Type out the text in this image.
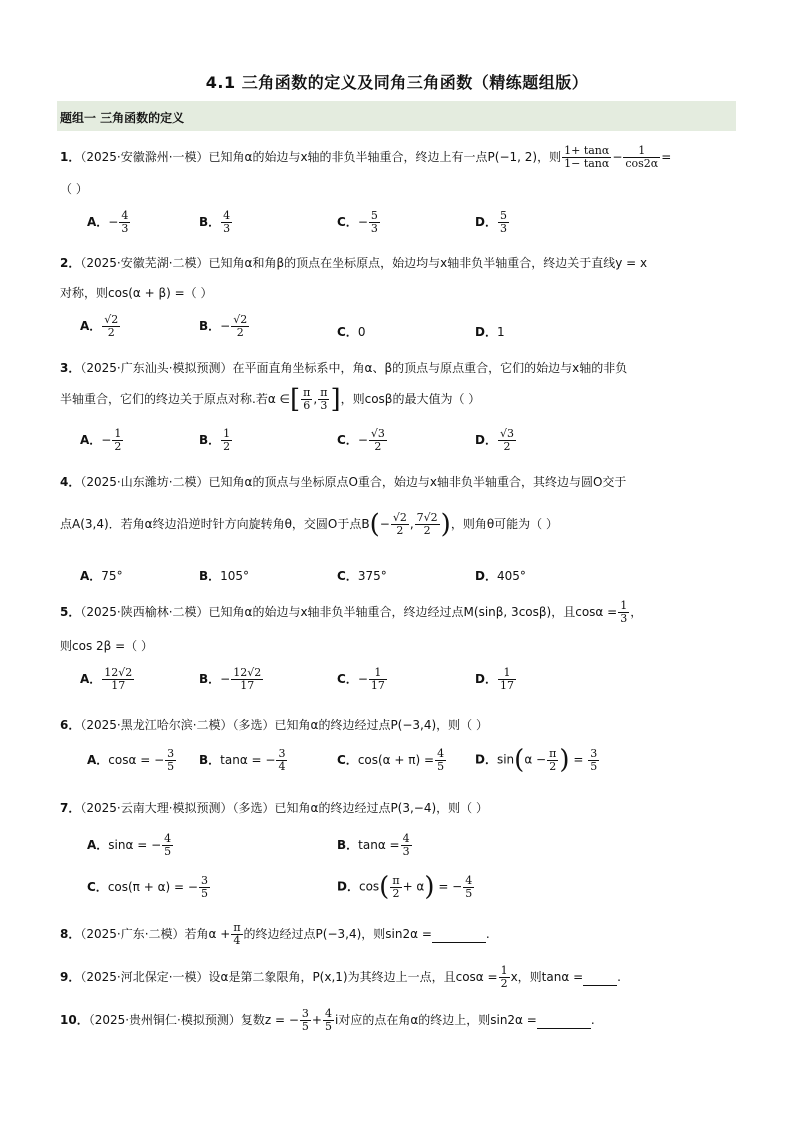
4.1 三角函数的定义及同角三角函数（精练题组版）
题组一 三角函数的定义
1．（2025·安徽滁州·一模）已知角α的始边与x轴的非负半轴重合，终边上有一点P(−1, 2)，则 $\frac{1+ \tan\alpha}{1- \tan\alpha} - \frac{1}{\cos 2\alpha}$ =
（ ）
A．− $\frac{4}{3}$	B． $\frac{4}{3}$	C．− $\frac{5}{3}$	D． $\frac{5}{3}$
2．（2025·安徽芜湖·二模）已知角α和角β的顶点在坐标原点，始边均与x轴非负半轴重合，终边关于直线y = x
对称，则cos(α + β) =（ ）
A． $\frac{√2}{2}$	B．− $\frac{√2}{2}$	C．0	D．1
3．（2025·广东汕头·模拟预测）在平面直角坐标系中，角α、β的顶点与原点重合，它们的始边与x轴的非负
半轴重合，它们的终边关于原点对称.若α ∈[ $\frac{\pi}{6}$ , $\frac{\pi}{3}$ ]，则cosβ的最大值为（ ）
A．− $\frac{1}{2}$	B． $\frac{1}{2}$	C．− $\frac{√3}{2}$	D． $\frac{√3}{2}$
4．（2025·山东潍坊·二模）已知角α的顶点与坐标原点O重合，始边与x轴非负半轴重合，其终边与圆O交于
点A(3,4)．若角α终边沿逆时针方向旋转角θ，交圆O于点$B(- \frac{√2}{2}$ , $\frac{7√2}{2}$ )，则角θ可能为（ ）
A．75°	B．105°	C．375°	D．405°
5．（2025·陕西榆林·二模）已知角α的始边与x轴非负半轴重合，终边经过点M(sinβ, 3cosβ)，且$\cos\alpha = \frac{1}{3}$ ，
则cos 2β =（ ）
A． $\frac{12√2}{17}$	B．− $\frac{12√2}{17}$	C．− $\frac{1}{17}$	D． $\frac{1}{17}$
6．（2025·黑龙江哈尔滨·二模）（多选）已知角α的终边经过点P(−3,4)，则（ ）
A．cosα = − $\frac{3}{5}$ B．tanα = − $\frac{3}{4}$	C．$\cos(\alpha + \pi) = \frac{4}{5}$ D．$\sin(\alpha - \frac{\pi}{2}$ ) = $\frac{3}{5}$
7．（2025·云南大理·模拟预测）（多选）已知角α的终边经过点P(3,−4)，则（ ）
A．sinα = − $\frac{4}{5}$	B．$\tan\alpha = \frac{4}{3}$
C．cos(π + α) = − $\frac{3}{5}$	D．$\cos( \frac{\pi}{2} + \alpha)$ = − $\frac{4}{5}$
8．（2025·广东·二模）若角$\alpha + \frac{\pi}{4}$ 的终边经过点P(−3,4)，则sin2α =	.
9．（2025·河北保定·一模）设α是第二象限角，P(x,1)为其终边上一点，且$\cos\alpha = \frac{1}{2}$ x，则tanα =	.
10．（2025·贵州铜仁·模拟预测）复数z = − $\frac{3}{5} + \frac{4}{5}$ i对应的点在角α的终边上，则sin2α =	.
